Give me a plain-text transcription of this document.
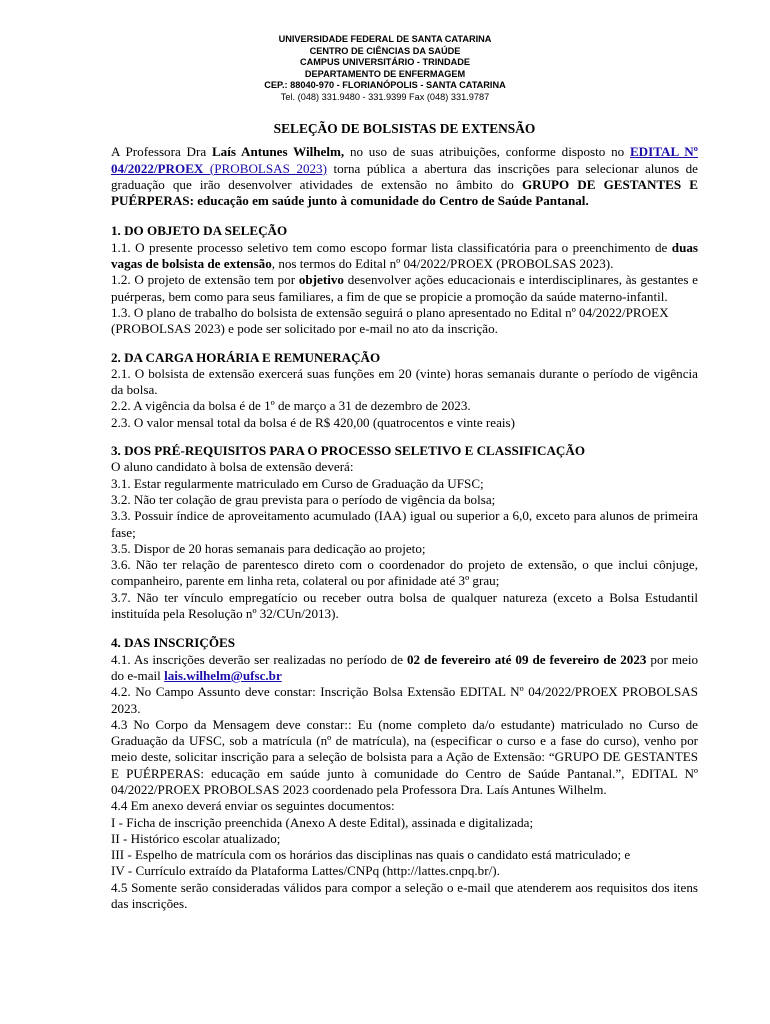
UNIVERSIDADE FEDERAL DE SANTA CATARINA
CENTRO DE CIÊNCIAS DA SAÚDE
CAMPUS UNIVERSITÁRIO - TRINDADE
DEPARTAMENTO DE ENFERMAGEM
CEP.: 88040-970 - FLORIANÓPOLIS - SANTA CATARINA
Tel. (048) 331.9480 - 331.9399 Fax (048) 331.9787

SELEÇÃO DE BOLSISTAS DE EXTENSÃO

A Professora Dra Laís Antunes Wilhelm, no uso de suas atribuições, conforme disposto no EDITAL Nº 04/2022/PROEX (PROBOLSAS 2023) torna pública a abertura das inscrições para selecionar alunos de graduação que irão desenvolver atividades de extensão no âmbito do GRUPO DE GESTANTES E PUÉRPERAS: educação em saúde junto à comunidade do Centro de Saúde Pantanal.

1. DO OBJETO DA SELEÇÃO

1.1. O presente processo seletivo tem como escopo formar lista classificatória para o preenchimento de duas vagas de bolsista de extensão, nos termos do Edital nº 04/2022/PROEX (PROBOLSAS 2023).

1.2. O projeto de extensão tem por objetivo desenvolver ações educacionais e interdisciplinares, às gestantes e puérperas, bem como para seus familiares, a fim de que se propicie a promoção da saúde materno-infantil.

1.3. O plano de trabalho do bolsista de extensão seguirá o plano apresentado no Edital nº 04/2022/PROEX (PROBOLSAS 2023) e pode ser solicitado por e-mail no ato da inscrição.

2. DA CARGA HORÁRIA E REMUNERAÇÃO

2.1. O bolsista de extensão exercerá suas funções em 20 (vinte) horas semanais durante o período de vigência da bolsa.

2.2. A vigência da bolsa é de 1º de março a 31 de dezembro de 2023.

2.3. O valor mensal total da bolsa é de R$ 420,00 (quatrocentos e vinte reais)

3. DOS PRÉ-REQUISITOS PARA O PROCESSO SELETIVO E CLASSIFICAÇÃO

O aluno candidato à bolsa de extensão deverá:

3.1. Estar regularmente matriculado em Curso de Graduação da UFSC;

3.2. Não ter colação de grau prevista para o período de vigência da bolsa;

3.3. Possuir índice de aproveitamento acumulado (IAA) igual ou superior a 6,0, exceto para alunos de primeira fase;

3.5. Dispor de 20 horas semanais para dedicação ao projeto;

3.6. Não ter relação de parentesco direto com o coordenador do projeto de extensão, o que inclui cônjuge, companheiro, parente em linha reta, colateral ou por afinidade até 3º grau;

3.7. Não ter vínculo empregatício ou receber outra bolsa de qualquer natureza (exceto a Bolsa Estudantil instituída pela Resolução nº 32/CUn/2013).

4. DAS INSCRIÇÕES

4.1. As inscrições deverão ser realizadas no período de 02 de fevereiro até 09 de fevereiro de 2023 por meio do e-mail lais.wilhelm@ufsc.br

4.2. No Campo Assunto deve constar: Inscrição Bolsa Extensão EDITAL Nº 04/2022/PROEX PROBOLSAS 2023.

4.3 No Corpo da Mensagem deve constar:: Eu (nome completo da/o estudante) matriculado no Curso de Graduação da UFSC, sob a matrícula (nº de matrícula), na (especificar o curso e a fase do curso), venho por meio deste, solicitar inscrição para a seleção de bolsista para a Ação de Extensão: “GRUPO DE GESTANTES E PUÉRPERAS: educação em saúde junto à comunidade do Centro de Saúde Pantanal.”, EDITAL Nº 04/2022/PROEX PROBOLSAS 2023 coordenado pela Professora Dra. Laís Antunes Wilhelm.

4.4 Em anexo deverá enviar os seguintes documentos:

I - Ficha de inscrição preenchida (Anexo A deste Edital), assinada e digitalizada;

II - Histórico escolar atualizado;

III - Espelho de matrícula com os horários das disciplinas nas quais o candidato está matriculado; e

IV - Currículo extraído da Plataforma Lattes/CNPq (http://lattes.cnpq.br/).

4.5 Somente serão consideradas válidos para compor a seleção o e-mail que atenderem aos requisitos dos itens das inscrições.
